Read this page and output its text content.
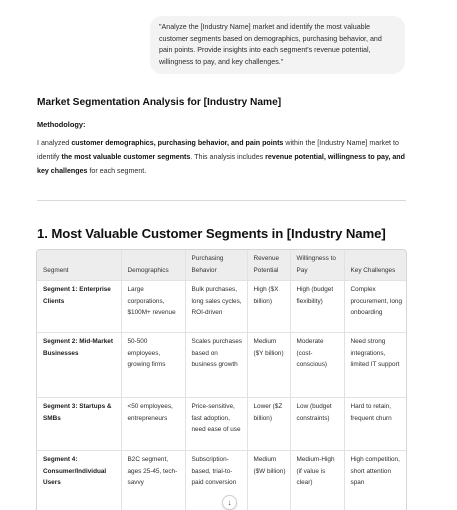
"Analyze the [Industry Name] market and identify the most valuable customer segments based on demographics, purchasing behavior, and pain points. Provide insights into each segment's revenue potential, willingness to pay, and key challenges."
Market Segmentation Analysis for [Industry Name]
Methodology:
I analyzed customer demographics, purchasing behavior, and pain points within the [Industry Name] market to identify the most valuable customer segments. This analysis includes revenue potential, willingness to pay, and key challenges for each segment.
1. Most Valuable Customer Segments in [Industry Name]
Segment	Demographics	Purchasing Behavior	Revenue Potential	Willingness to Pay	Key Challenges
Segment 1: Enterprise Clients	Large corporations, $100M+ revenue	Bulk purchases, long sales cycles, ROI-driven	High ($X billion)	High (budget flexibility)	Complex procurement, long onboarding
Segment 2: Mid-Market Businesses	50-500 employees, growing firms	Scales purchases based on business growth	Medium ($Y billion)	Moderate (cost-conscious)	Need strong integrations, limited IT support
Segment 3: Startups & SMBs	<50 employees, entrepreneurs	Price-sensitive, fast adoption, need ease of use	Lower ($Z billion)	Low (budget constraints)	Hard to retain, frequent churn
Segment 4: Consumer/Individual Users	B2C segment, ages 25-45, tech-savvy	Subscription-based, trial-to-paid conversion	Medium ($W billion)	Medium-High (if value is clear)	High competition, short attention span
↓
